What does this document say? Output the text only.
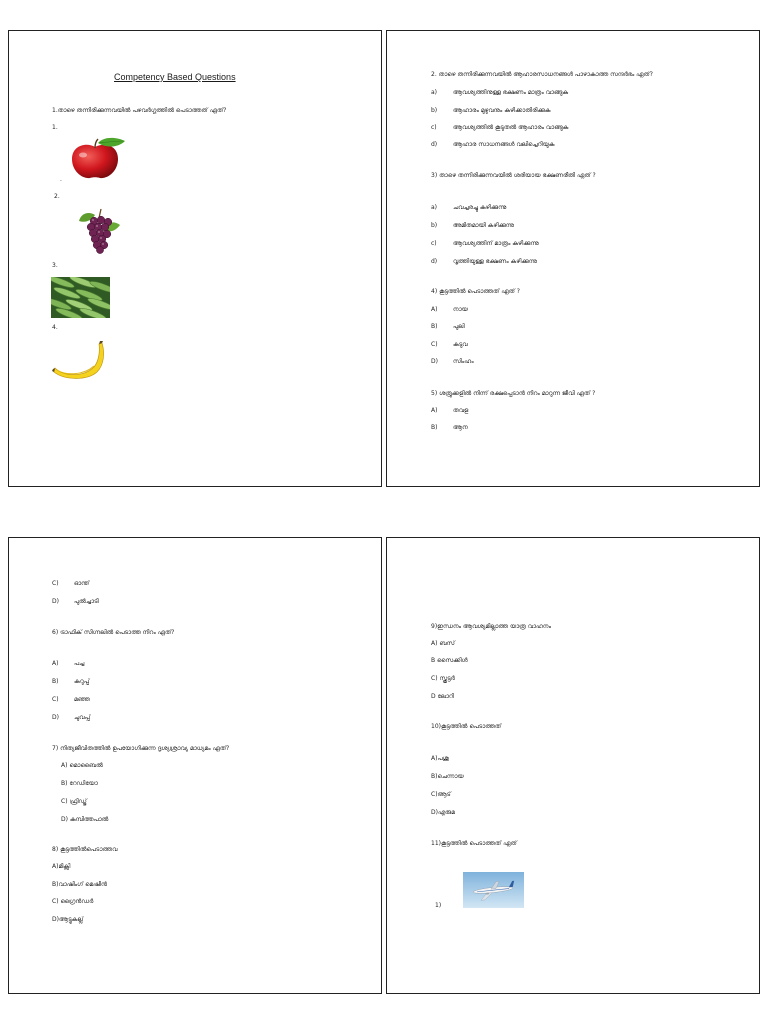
Competency Based Questions
1.താഴെ തന്നിരിക്കുന്നവയിൽ പഴവർഗ്ഗത്തിൽ പെടാത്തത് ഏത്?
1.
.
2.
3.
4.
2. താഴെ തന്നിരിക്കുന്നവയിൽ ആഹാരസാധനങ്ങൾ പാഴാകാത്ത സന്ദർഭം ഏത്?
a)	ആവശ്യത്തിനുള്ള ഭക്ഷണം മാത്രം വാങ്ങുക
b)	ആഹാരം മുഴുവനും കഴിക്കാതിരിക്കുക
c)	ആവശ്യത്തിൽ കൂടുതൽ ആഹാരം വാങ്ങുക
d)	ആഹാര സാധനങ്ങൾ വലിച്ചെറിയുക
3) താഴെ തന്നിരിക്കുന്നവയിൽ ശരിയായ ഭക്ഷണരീതി ഏത് ?
a)	ചവച്ചരച്ചു കഴിക്കുന്നു
b)	അമിതമായി കഴിക്കുന്നു
c)	ആവശ്യത്തിന് മാത്രം കഴിക്കുന്നു
d)	വൃത്തിയുള്ള ഭക്ഷണം കഴിക്കുന്നു
4) കൂട്ടത്തിൽ പെടാത്തത് ഏത് ?
A)	നായ
B)	പുലി
C)	കടുവ
D)	സിംഹം
5) ശത്രുക്കളിൽ നിന്ന് രക്ഷപ്പെടാൻ നിറം മാറുന്ന ജീവി ഏത് ?
A)	തവള
B)	ആന
C)	ഓന്ത്
D)	പുൽച്ചാടി
6) ട്രാഫിക് സിഗ്നലിൽ പെടാത്ത നിറം ഏത്?
A)	പച്ച
B)	കറുപ്പ്
C)	മഞ്ഞ
D)	ചുവപ്പ്
7) നിത്യജീവിതത്തിൽ ഉപയോഗിക്കുന്ന ദൃശ്യശ്രാവ്യ മാധ്യമം ഏത്?
A) മൊബൈൽ
B) റേഡിയോ
C) ഫ്രിഡ്ജ്
D) കമ്പിത്തപാൽ
8) കൂട്ടത്തിൽപെടാത്തവ
A)മിക്സി
B)വാഷിംഗ് മെഷീൻ
C) ഗ്രൈൻഡർ
D)ആട്ടുകല്ല്
9)ഇന്ധനം ആവശ്യമില്ലാത്ത യാത്ര വാഹനം
A) ബസ്
B സൈക്കിൾ
C) സ്കൂട്ടർ
D ലോറി
10)കൂട്ടത്തിൽ പെടാത്തത്
A)പശു
B)ചെന്നായ
C)ആട്
D)എരുമ
11)കൂട്ടത്തിൽ പെടാത്തത് ഏത്
1)
